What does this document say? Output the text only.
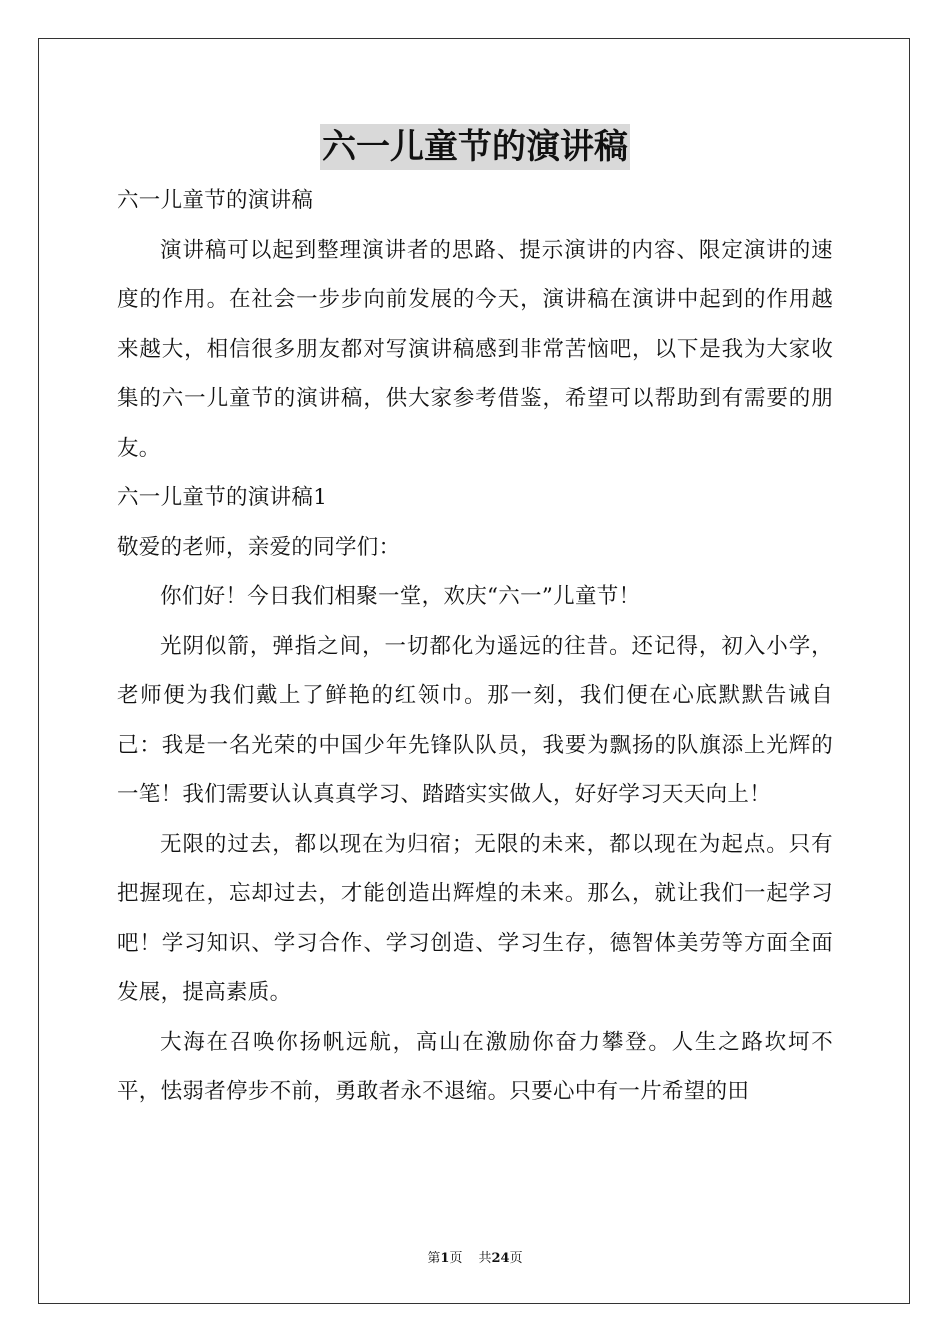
六一儿童节的演讲稿

六一儿童节的演讲稿

演讲稿可以起到整理演讲者的思路、提示演讲的内容、限定演讲的速度的作用。在社会一步步向前发展的今天，演讲稿在演讲中起到的作用越来越大，相信很多朋友都对写演讲稿感到非常苦恼吧，以下是我为大家收集的六一儿童节的演讲稿，供大家参考借鉴，希望可以帮助到有需要的朋友。

六一儿童节的演讲稿1

敬爱的老师，亲爱的同学们：

你们好！今日我们相聚一堂，欢庆“六一”儿童节！

光阴似箭，弹指之间，一切都化为遥远的往昔。还记得，初入小学，老师便为我们戴上了鲜艳的红领巾。那一刻，我们便在心底默默告诫自己：我是一名光荣的中国少年先锋队队员，我要为飘扬的队旗添上光辉的一笔！我们需要认认真真学习、踏踏实实做人，好好学习天天向上！

无限的过去，都以现在为归宿；无限的未来，都以现在为起点。只有把握现在，忘却过去，才能创造出辉煌的未来。那么，就让我们一起学习吧！学习知识、学习合作、学习创造、学习生存，德智体美劳等方面全面发展，提高素质。

大海在召唤你扬帆远航，高山在激励你奋力攀登。人生之路坎坷不平，怯弱者停步不前，勇敢者永不退缩。只要心中有一片希望的田

第1页 共24页
